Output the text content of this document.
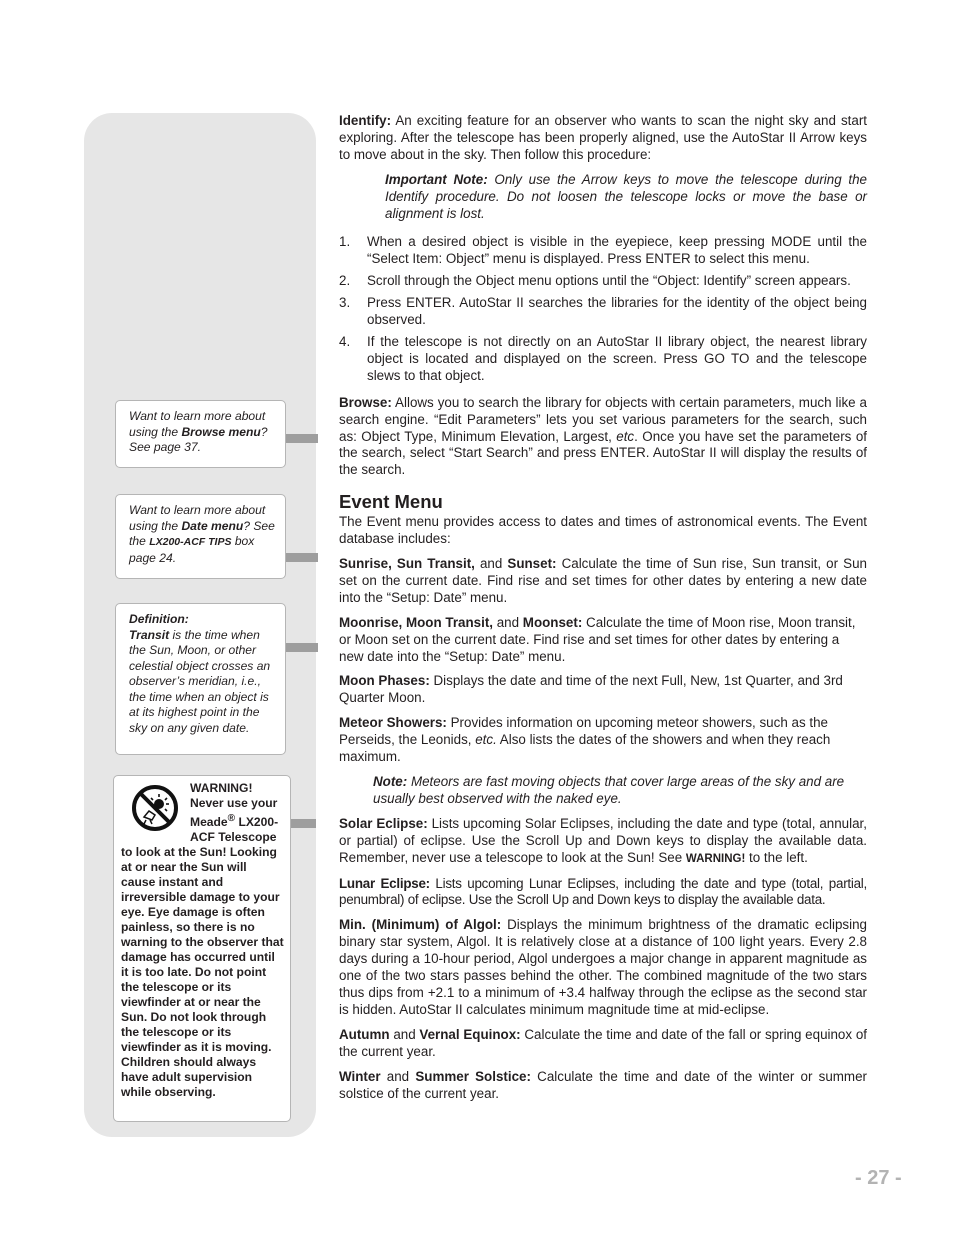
Want to learn more about using the Browse menu? See page 37.
Want to learn more about using the Date menu? See the LX200-ACF TIPS box page 24.
Definition:
Transit is the time when the Sun, Moon, or other celestial object crosses an observer’s meridian, i.e., the time when an object is at its highest point in the sky on any given date.
WARNING!
Never use your
Meade® LX200-
ACF Telescope
to look at the Sun! Looking at or near the Sun will cause instant and irreversible damage to your eye. Eye damage is often painless, so there is no warning to the observer that damage has occurred until it is too late. Do not point the telescope or its viewfinder at or near the Sun. Do not look through the telescope or its viewfinder as it is moving. Children should always have adult supervision while observing.

Identify: An exciting feature for an observer who wants to scan the night sky and start exploring. After the telescope has been properly aligned, use the AutoStar II Arrow keys to move about in the sky. Then follow this procedure:

Important Note: Only use the Arrow keys to move the telescope during the Identify procedure. Do not loosen the telescope locks or move the base or alignment is lost.

1.	When a desired object is visible in the eyepiece, keep pressing MODE until the “Select Item: Object” menu is displayed. Press ENTER to select this menu.
2.	Scroll through the Object menu options until the “Object: Identify” screen appears.
3.	Press ENTER. AutoStar II searches the libraries for the identity of the object being observed.
4.	If the telescope is not directly on an AutoStar II library object, the nearest library object is located and displayed on the screen. Press GO TO and the telescope slews to that object.

Browse: Allows you to search the library for objects with certain parameters, much like a search engine. “Edit Parameters” lets you set various parameters for the search, such as: Object Type, Minimum Elevation, Largest, etc. Once you have set the parameters of the search, select “Start Search” and press ENTER. AutoStar II will display the results of the search.

Event Menu

The Event menu provides access to dates and times of astronomical events. The Event database includes:

Sunrise, Sun Transit, and Sunset: Calculate the time of Sun rise, Sun transit, or Sun set on the current date. Find rise and set times for other dates by entering a new date into the “Setup: Date” menu.

Moonrise, Moon Transit, and Moonset: Calculate the time of Moon rise, Moon transit, or Moon set on the current date. Find rise and set times for other dates by entering a new date into the “Setup: Date” menu.

Moon Phases: Displays the date and time of the next Full, New, 1st Quarter, and 3rd Quarter Moon.

Meteor Showers: Provides information on upcoming meteor showers, such as the Perseids, the Leonids, etc. Also lists the dates of the showers and when they reach maximum.

Note: Meteors are fast moving objects that cover large areas of the sky and are usually best observed with the naked eye.

Solar Eclipse: Lists upcoming Solar Eclipses, including the date and type (total, annular, or partial) of eclipse. Use the Scroll Up and Down keys to display the available data. Remember, never use a telescope to look at the Sun! See WARNING! to the left.

Lunar Eclipse: Lists upcoming Lunar Eclipses, including the date and type (total, partial, penumbral) of eclipse. Use the Scroll Up and Down keys to display the available data.

Min. (Minimum) of Algol: Displays the minimum brightness of the dramatic eclipsing binary star system, Algol. It is relatively close at a distance of 100 light years. Every 2.8 days during a 10-hour period, Algol undergoes a major change in apparent magnitude as one of the two stars passes behind the other. The combined magnitude of the two stars thus dips from +2.1 to a minimum of +3.4 halfway through the eclipse as the second star is hidden. AutoStar II calculates minimum magnitude time at mid-eclipse.

Autumn and Vernal Equinox: Calculate the time and date of the fall or spring equinox of the current year.

Winter and Summer Solstice: Calculate the time and date of the winter or summer solstice of the current year.

- 27 -
